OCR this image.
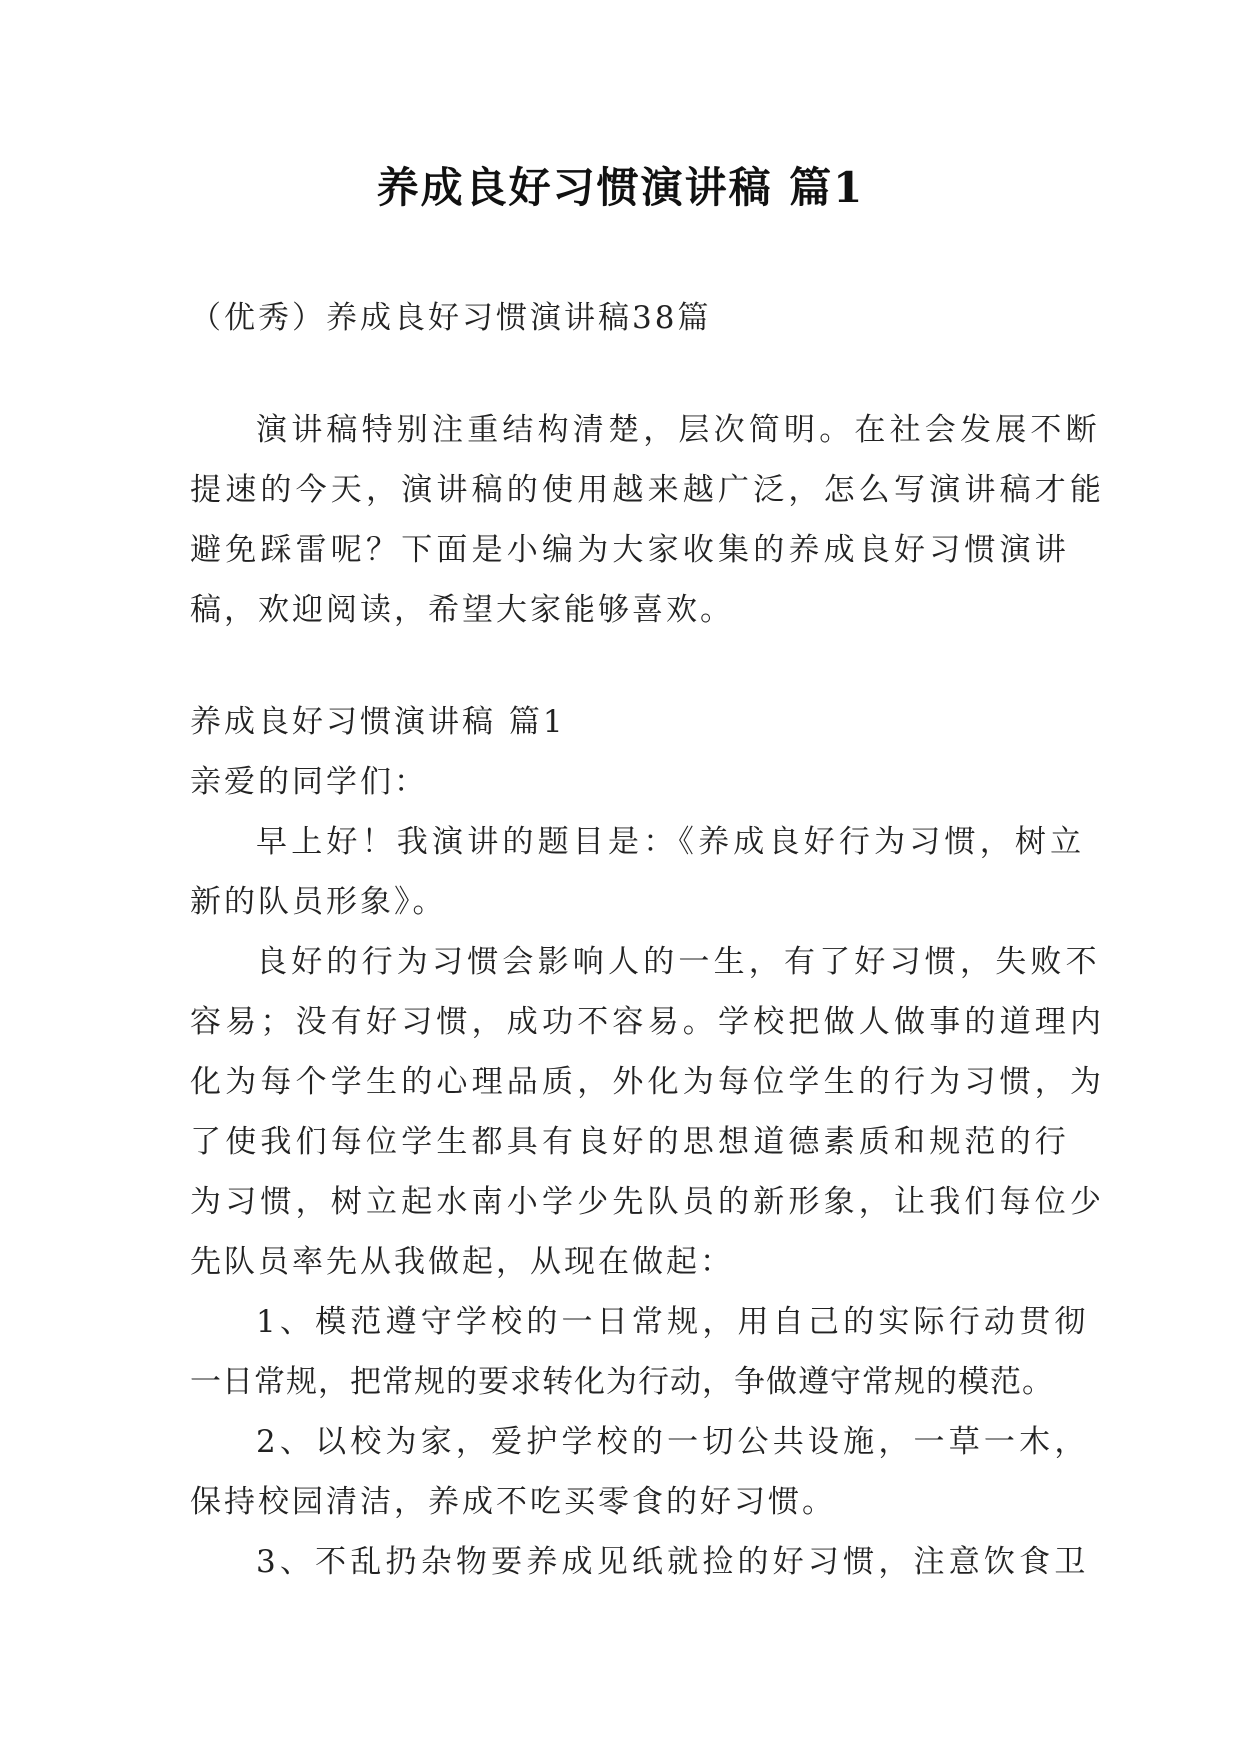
养成良好习惯演讲稿 篇1

（优秀）养成良好习惯演讲稿38篇

演讲稿特别注重结构清楚，层次简明。在社会发展不断

提速的今天，演讲稿的使用越来越广泛，怎么写演讲稿才能

避免踩雷呢？下面是小编为大家收集的养成良好习惯演讲

稿，欢迎阅读，希望大家能够喜欢。

养成良好习惯演讲稿 篇1

亲爱的同学们：

早上好！我演讲的题目是：《养成良好行为习惯，树立

新的队员形象》。

良好的行为习惯会影响人的一生，有了好习惯，失败不

容易；没有好习惯，成功不容易。学校把做人做事的道理内

化为每个学生的心理品质，外化为每位学生的行为习惯，为

了使我们每位学生都具有良好的思想道德素质和规范的行

为习惯，树立起水南小学少先队员的新形象，让我们每位少

先队员率先从我做起，从现在做起：

1、模范遵守学校的一日常规，用自己的实际行动贯彻

一日常规，把常规的要求转化为行动，争做遵守常规的模范。

2、以校为家，爱护学校的一切公共设施，一草一木，

保持校园清洁，养成不吃买零食的好习惯。

3、不乱扔杂物要养成见纸就捡的好习惯，注意饮食卫
